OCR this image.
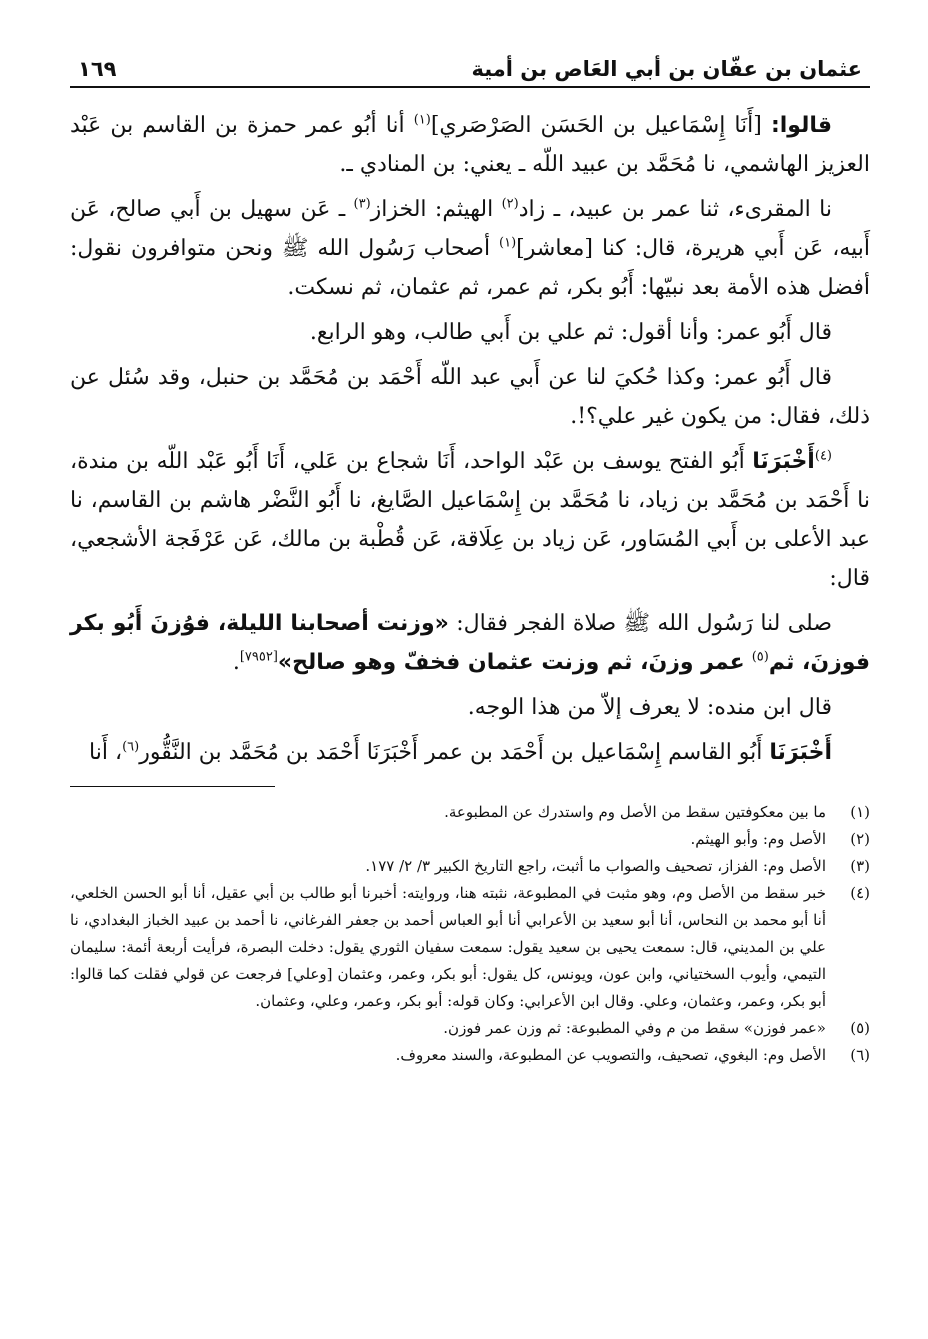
عثمان بن عفّان بن أبي العَاص بن أمية
١٦٩

قالوا: [أَنَا إِسْمَاعيل بن الحَسَن الصَرْصَري]$^{(١)}$ أنا أبُو عمر حمزة بن القاسم بن عَبْد العزيز الهاشمي، نا مُحَمَّد بن عبيد اللّه ـ يعني: بن المنادي ـ.

نا المقرىء، ثنا عمر بن عبيد، ـ زاد$^{(٢)}$ الهيثم: الخزاز$^{(٣)}$ ـ عَن سهيل بن أَبي صالح، عَن أَبيه، عَن أَبي هريرة، قال: كنا [معاشر]$^{(١)}$ أصحاب رَسُول الله ﷺ ونحن متوافرون نقول: أفضل هذه الأمة بعد نبيّها: أَبُو بكر، ثم عمر، ثم عثمان، ثم نسكت.

قال أَبُو عمر: وأنا أقول: ثم علي بن أَبي طالب، وهو الرابع.

قال أَبُو عمر: وكذا حُكيَ لنا عن أَبي عبد اللّه أَحْمَد بن مُحَمَّد بن حنبل، وقد سُئل عن ذلك، فقال: من يكون غير علي؟!.

$^{(٤)}$أَخْبَرَنَا أَبُو الفتح يوسف بن عَبْد الواحد، أَنَا شجاع بن عَلي، أَنَا أَبُو عَبْد اللّه بن مندة، نا أَحْمَد بن مُحَمَّد بن زياد، نا مُحَمَّد بن إِسْمَاعيل الصَّايغ، نا أَبُو النَّضْر هاشم بن القاسم، نا عبد الأعلى بن أَبي المُسَاور، عَن زياد بن عِلَاقة، عَن قُطْبة بن مالك، عَن عَرْفَجة الأشجعي، قال:

صلى لنا رَسُول الله ﷺ صلاة الفجر فقال: «وزنت أصحابنا الليلة، فوُزنَ أَبُو بكر فوزنَ، ثم$^{(٥)}$ عمر وزنَ، ثم وزنت عثمان فخفّ وهو صالح»[٧٩٥٢].

قال ابن منده: لا يعرف إلاّ من هذا الوجه.

أَخْبَرَنَا أَبُو القاسم إِسْمَاعيل بن أَحْمَد بن عمر أَخْبَرَنَا أَحْمَد بن مُحَمَّد بن النَّقُّور$^{(٦)}$، أَنا

(١)
ما بين معكوفتين سقط من الأصل وم واستدرك عن المطبوعة.
(٢)
الأصل وم: وأبو الهيثم.
(٣)
الأصل وم: الفزاز، تصحيف والصواب ما أثبت، راجع التاريخ الكبير ٣/ ٢/ ١٧٧.
(٤)
خبر سقط من الأصل وم، وهو مثبت في المطبوعة، نثبته هنا، وروايته: أخبرنا أبو طالب بن أبي عقيل، أنا أبو الحسن الخلعي، أنا أبو محمد بن النحاس، أنا أبو سعيد بن الأعرابي أنا أبو العباس أحمد بن جعفر الفرغاني، نا أحمد بن عبيد الخباز البغدادي، نا علي بن المديني، قال: سمعت يحيى بن سعيد يقول: سمعت سفيان الثوري يقول: دخلت البصرة، فرأيت أربعة أئمة: سليمان التيمي، وأيوب السختياني، وابن عون، ويونس، كل يقول: أبو بكر، وعمر، وعثمان [وعلي] فرجعت عن قولي فقلت كما قالوا: أبو بكر، وعمر، وعثمان، وعلي. وقال ابن الأعرابي: وكان قوله: أبو بكر، وعمر، وعلي، وعثمان.
(٥)
«عمر فوزن» سقط من م وفي المطبوعة: ثم وزن عمر فوزن.
(٦)
الأصل وم: البغوي، تصحيف، والتصويب عن المطبوعة، والسند معروف.
